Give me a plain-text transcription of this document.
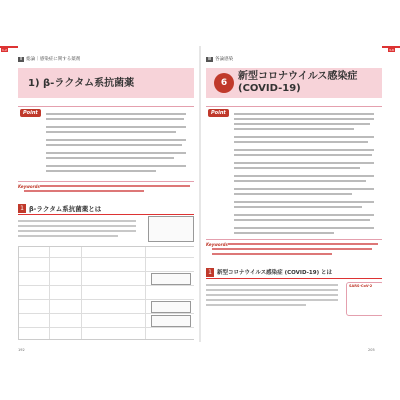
1-2	3-6
Ⅱ 総論｜感染症に関する薬剤
1) β-ラクタム系抗菌薬
Point
Keywords
1 β-ラクタム系抗菌薬とは
Ⅲ 各論感染
6
新型コロナウイルス感染症 (COVID-19)
Point
Keywords
1 新型コロナウイルス感染症 (COVID-19) とは
SARS-CoV-2
192	205
